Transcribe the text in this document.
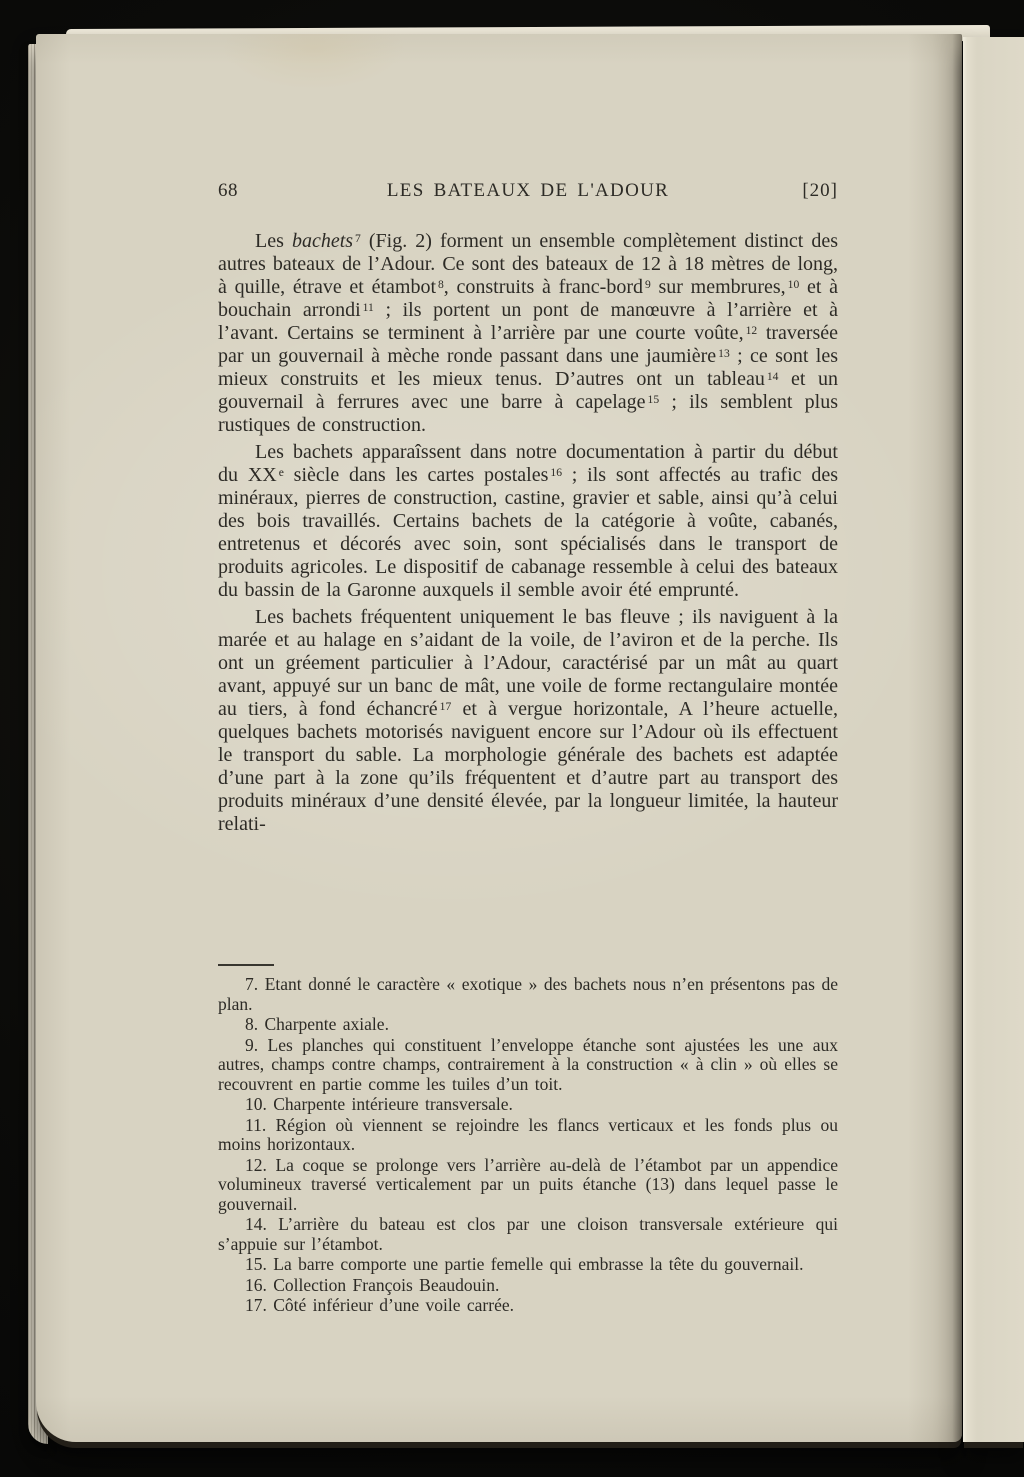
68	LES BATEAUX DE L'ADOUR	[20]

Les bachets $^7$ (Fig. 2) forment un ensemble complètement distinct des autres bateaux de l’Adour. Ce sont des bateaux de 12 à 18 mètres de long, à quille, étrave et étambot $^8$, construits à franc-bord $^9$ sur membrures, $^{10}$ et à bouchain arrondi $^{11}$ ; ils portent un pont de manœuvre à l’arrière et à l’avant. Certains se terminent à l’arrière par une courte voûte, $^{12}$ traversée par un gouvernail à mèche ronde passant dans une jaumière $^{13}$ ; ce sont les mieux construits et les mieux tenus. D’autres ont un tableau $^{14}$ et un gouvernail à ferrures avec une barre à capelage $^{15}$ ; ils semblent plus rustiques de construction.

Les bachets apparaîssent dans notre documentation à partir du début du XX $^e$ siècle dans les cartes postales $^{16}$ ; ils sont affectés au trafic des minéraux, pierres de construction, castine, gravier et sable, ainsi qu’à celui des bois travaillés. Certains bachets de la catégorie à voûte, cabanés, entretenus et décorés avec soin, sont spécialisés dans le transport de produits agricoles. Le dispositif de cabanage ressemble à celui des bateaux du bassin de la Garonne auxquels il semble avoir été emprunté.

Les bachets fréquentent uniquement le bas fleuve ; ils naviguent à la marée et au halage en s’aidant de la voile, de l’aviron et de la perche. Ils ont un gréement particulier à l’Adour, caractérisé par un mât au quart avant, appuyé sur un banc de mât, une voile de forme rectangulaire montée au tiers, à fond échancré $^{17}$ et à vergue horizontale, A l’heure actuelle, quelques bachets motorisés naviguent encore sur l’Adour où ils effectuent le transport du sable. La morphologie générale des bachets est adaptée d’une part à la zone qu’ils fréquentent et d’autre part au transport des produits minéraux d’une densité élevée, par la longueur limitée, la hauteur relati-

7. Etant donné le caractère « exotique » des bachets nous n’en présentons pas de plan.

8. Charpente axiale.

9. Les planches qui constituent l’enveloppe étanche sont ajustées les une aux autres, champs contre champs, contrairement à la construction « à clin » où elles se recouvrent en partie comme les tuiles d’un toit.

10. Charpente intérieure transversale.

11. Région où viennent se rejoindre les flancs verticaux et les fonds plus ou moins horizontaux.

12. La coque se prolonge vers l’arrière au-delà de l’étambot par un appendice volumineux traversé verticalement par un puits étanche (13) dans lequel passe le gouvernail.

14. L’arrière du bateau est clos par une cloison transversale extérieure qui s’appuie sur l’étambot.

15. La barre comporte une partie femelle qui embrasse la tête du gouvernail.

16. Collection François Beaudouin.

17. Côté inférieur d’une voile carrée.
